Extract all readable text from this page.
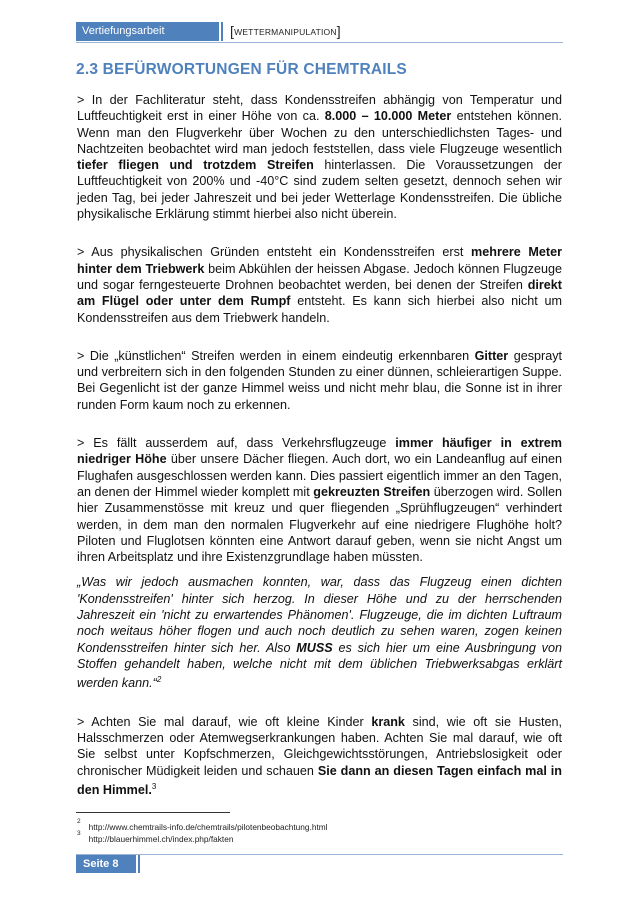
Vertiefungsarbeit	[WETTERMANIPULATION]
2.3 BEFÜRWORTUNGEN FÜR CHEMTRAILS

> In der Fachliteratur steht, dass Kondensstreifen abhängig von Temperatur und Luftfeuchtigkeit erst in einer Höhe von ca. 8.000 – 10.000 Meter entstehen können. Wenn man den Flugverkehr über Wochen zu den unterschiedlichsten Tages- und Nachtzeiten beobachtet wird man jedoch feststellen, dass viele Flugzeuge wesentlich tiefer fliegen und trotzdem Streifen hinterlassen. Die Voraussetzungen der Luftfeuchtigkeit von 200% und -40°C sind zudem selten gesetzt, dennoch sehen wir jeden Tag, bei jeder Jahreszeit und bei jeder Wetterlage Kondensstreifen. Die übliche physikalische Erklärung stimmt hierbei also nicht überein.

> Aus physikalischen Gründen entsteht ein Kondensstreifen erst mehrere Meter hinter dem Triebwerk beim Abkühlen der heissen Abgase. Jedoch können Flugzeuge und sogar ferngesteuerte Drohnen beobachtet werden, bei denen der Streifen direkt am Flügel oder unter dem Rumpf entsteht. Es kann sich hierbei also nicht um Kondensstreifen aus dem Triebwerk handeln.

> Die „künstlichen“ Streifen werden in einem eindeutig erkennbaren Gitter gesprayt und verbreitern sich in den folgenden Stunden zu einer dünnen, schleierartigen Suppe. Bei Gegenlicht ist der ganze Himmel weiss und nicht mehr blau, die Sonne ist in ihrer runden Form kaum noch zu erkennen.

> Es fällt ausserdem auf, dass Verkehrsflugzeuge immer häufiger in extrem niedriger Höhe über unsere Dächer fliegen. Auch dort, wo ein Landeanflug auf einen Flughafen ausgeschlossen werden kann. Dies passiert eigentlich immer an den Tagen, an denen der Himmel wieder komplett mit gekreuzten Streifen überzogen wird. Sollen hier Zusammenstösse mit kreuz und quer fliegenden „Sprühflugzeugen“ verhindert werden, in dem man den normalen Flugverkehr auf eine niedrigere Flughöhe holt? Piloten und Fluglotsen könnten eine Antwort darauf geben, wenn sie nicht Angst um ihren Arbeitsplatz und ihre Existenzgrundlage haben müssten.

„Was wir jedoch ausmachen konnten, war, dass das Flugzeug einen dichten 'Kondensstreifen' hinter sich herzog. In dieser Höhe und zu der herrschenden Jahreszeit ein 'nicht zu erwartendes Phänomen'. Flugzeuge, die im dichten Luftraum noch weitaus höher flogen und auch noch deutlich zu sehen waren, zogen keinen Kondensstreifen hinter sich her. Also MUSS es sich hier um eine Ausbringung von Stoffen gehandelt haben, welche nicht mit dem üblichen Triebwerksabgas erklärt werden kann.“$^2$

> Achten Sie mal darauf, wie oft kleine Kinder krank sind, wie oft sie Husten, Halsschmerzen oder Atemwegserkrankungen haben. Achten Sie mal darauf, wie oft Sie selbst unter Kopfschmerzen, Gleichgewichtsstörungen, Antriebslosigkeit oder chronischer Müdigkeit leiden und schauen Sie dann an diesen Tagen einfach mal in den Himmel.$^3$

$^2$http://www.chemtrails-info.de/chemtrails/pilotenbeobachtung.html
$^3$http://blauerhimmel.ch/index.php/fakten
Seite 8
